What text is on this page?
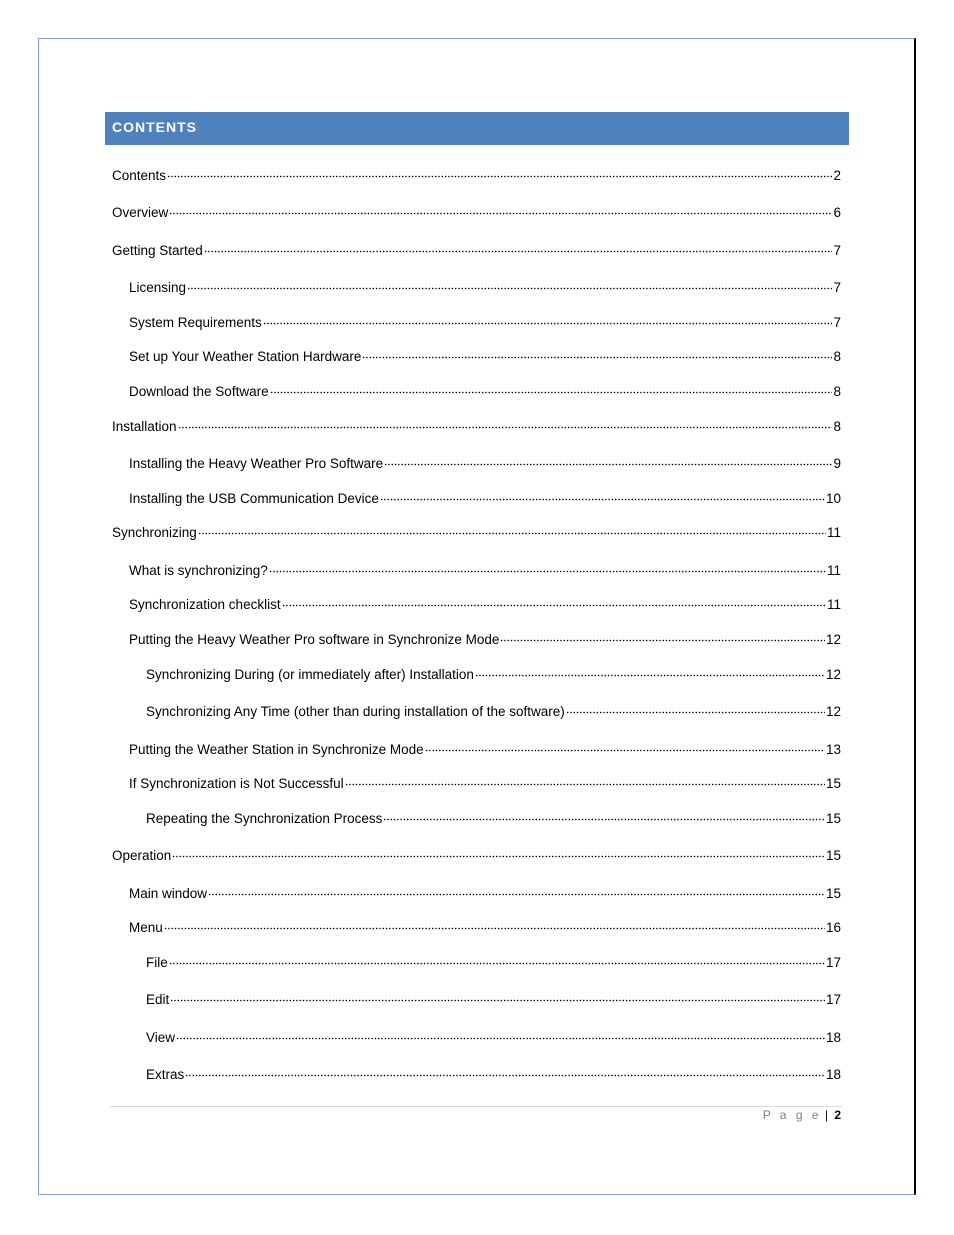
CONTENTS
Contents	2
Overview	6
Getting Started	7
Licensing	7
System Requirements	7
Set up Your Weather Station Hardware	8
Download the Software	8
Installation	8
Installing the Heavy Weather Pro Software	9
Installing the USB Communication Device	10
Synchronizing	11
What is synchronizing?	11
Synchronization checklist	11
Putting the Heavy Weather Pro software in Synchronize Mode	12
Synchronizing During (or immediately after) Installation	12
Synchronizing Any Time (other than during installation of the software)	12
Putting the Weather Station in Synchronize Mode	13
If Synchronization is Not Successful	15
Repeating the Synchronization Process	15
Operation	15
Main window	15
Menu	16
File	17
Edit	17
View	18
Extras	18
P a g e | 2
